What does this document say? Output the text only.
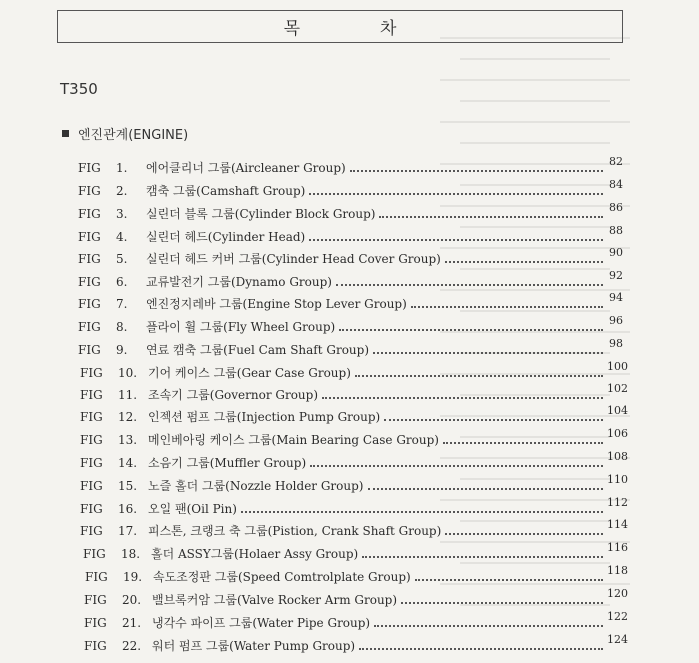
목	차
T350
엔진관계(ENGINE)
FIG	1.	에어클리너 그룹(Aircleaner Group)	82
FIG	2.	캠축 그룹(Camshaft Group)	84
FIG	3.	실린더 블록 그룹(Cylinder Block Group)	86
FIG	4.	실린더 헤드(Cylinder Head)	88
FIG	5.	실린더 헤드 커버 그룹(Cylinder Head Cover Group)	90
FIG	6.	교류발전기 그룹(Dynamo Group)	92
FIG	7.	엔진정지레바 그룹(Engine Stop Lever Group)	94
FIG	8.	플라이 휠 그룹(Fly Wheel Group)	96
FIG	9.	연료 캠축 그룹(Fuel Cam Shaft Group)	98
FIG	10. 기어 케이스 그룹(Gear Case Group)	100
FIG	11. 조속기 그룹(Governor Group)	102
FIG	12. 인젝션 펌프 그룹(Injection Pump Group)	104
FIG	13. 메인베아링 케이스 그룹(Main Bearing Case Group)	106
FIG	14. 소음기 그룹(Muffler Group)	108
FIG	15. 노즐 홀더 그룹(Nozzle Holder Group)	110
FIG	16. 오일 팬(Oil Pin)	112
FIG	17. 피스톤, 크랭크 축 그룹(Pistion, Crank Shaft Group)	114
FIG	18. 홀더 ASSY그룹(Holaer Assy Group)	116
FIG	19. 속도조정판 그룹(Speed Comtrolplate Group)	118
FIG	20. 밸브록커암 그룹(Valve Rocker Arm Group)	120
FIG	21. 냉각수 파이프 그룹(Water Pipe Group)	122
FIG	22. 워터 펌프 그룹(Water Pump Group)	124
